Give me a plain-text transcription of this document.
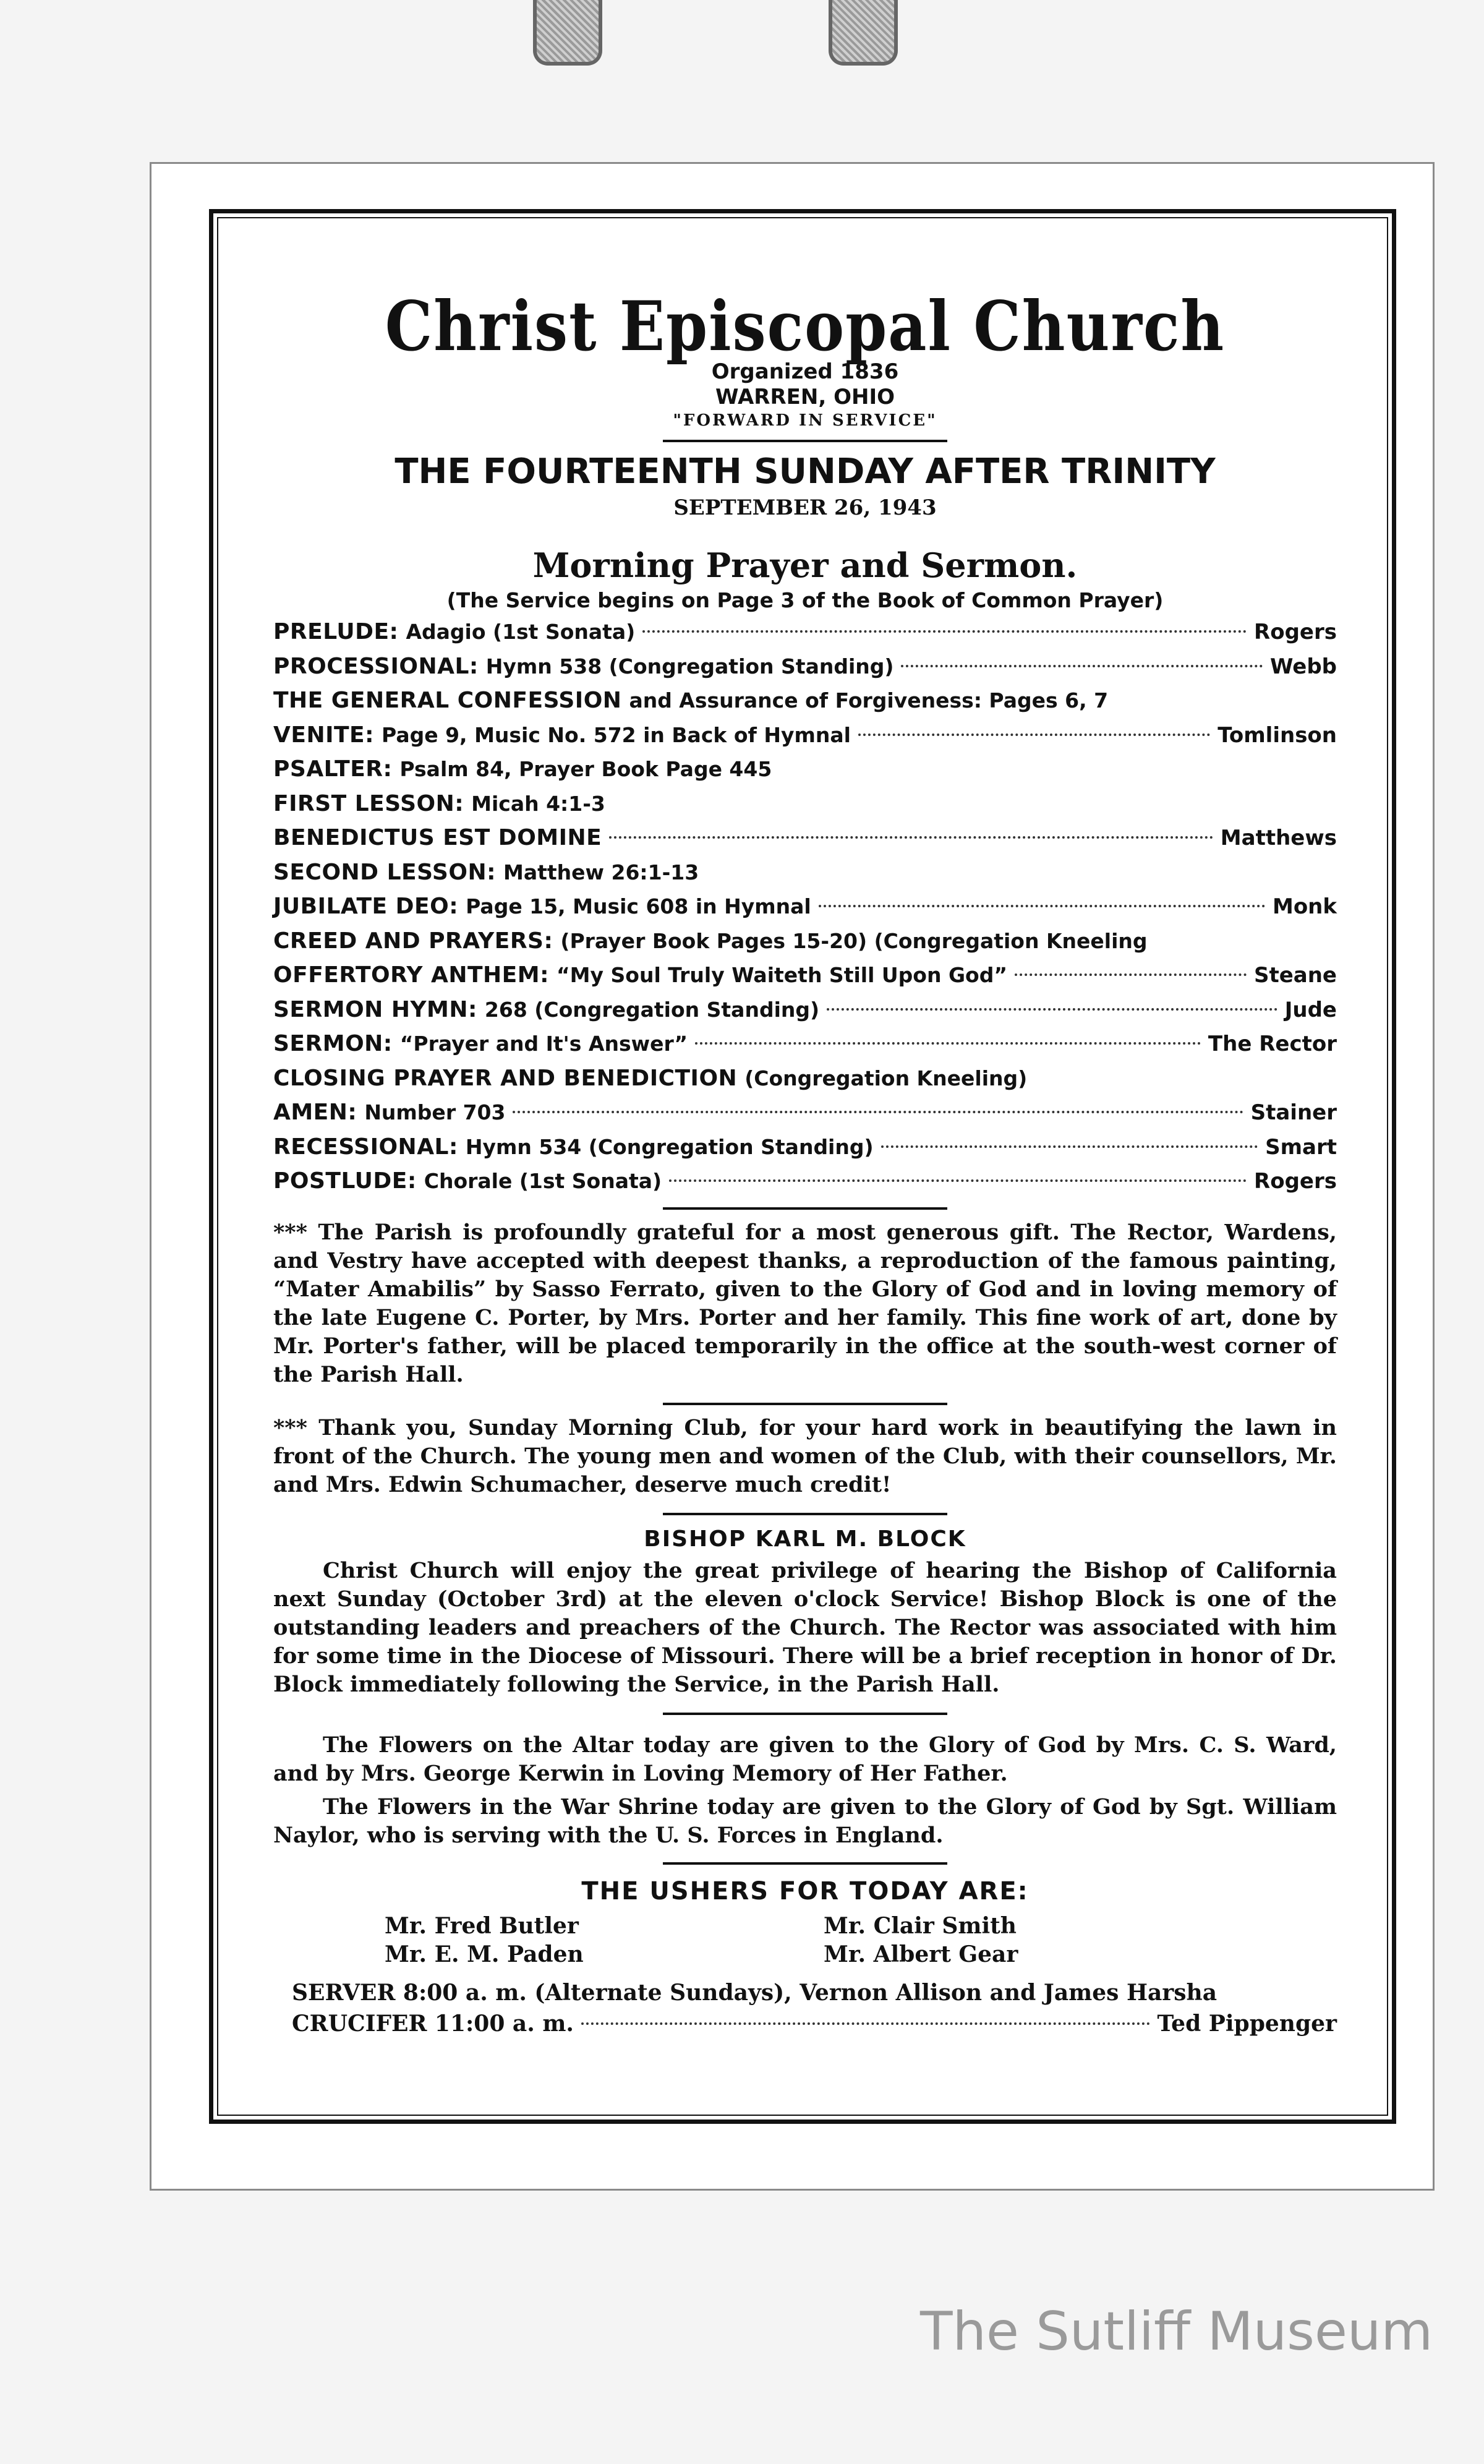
Christ Episcopal Church
Organized 1836
WARREN, OHIO
"FORWARD IN SERVICE"
THE FOURTEENTH SUNDAY AFTER TRINITY
SEPTEMBER 26, 1943
Morning Prayer and Sermon.
(The Service begins on Page 3 of the Book of Common Prayer)
PRELUDE: Adagio (1st Sonata)	Rogers
PROCESSIONAL: Hymn 538 (Congregation Standing)	Webb
THE GENERAL CONFESSION and Assurance of Forgiveness: Pages 6, 7
VENITE: Page 9, Music No. 572 in Back of Hymnal	Tomlinson
PSALTER: Psalm 84, Prayer Book Page 445
FIRST LESSON: Micah 4:1-3
BENEDICTUS EST DOMINE	Matthews
SECOND LESSON: Matthew 26:1-13
JUBILATE DEO: Page 15, Music 608 in Hymnal	Monk
CREED AND PRAYERS: (Prayer Book Pages 15-20) (Congregation Kneeling
OFFERTORY ANTHEM: “My Soul Truly Waiteth Still Upon God”	Steane
SERMON HYMN: 268 (Congregation Standing)	Jude
SERMON: “Prayer and It's Answer”	The Rector
CLOSING PRAYER AND BENEDICTION (Congregation Kneeling)
AMEN: Number 703	Stainer
RECESSIONAL: Hymn 534 (Congregation Standing)	Smart
POSTLUDE: Chorale (1st Sonata)	Rogers

*** The Parish is profoundly grateful for a most generous gift. The Rector, Wardens, and Vestry have accepted with deepest thanks, a reproduction of the famous painting, “Mater Amabilis” by Sasso Ferrato, given to the Glory of God and in loving memory of the late Eugene C. Porter, by Mrs. Porter and her family. This fine work of art, done by Mr. Porter's father, will be placed temporarily in the office at the south-west corner of the Parish Hall.

*** Thank you, Sunday Morning Club, for your hard work in beautifying the lawn in front of the Church. The young men and women of the Club, with their counsellors, Mr. and Mrs. Edwin Schumacher, deserve much credit!

BISHOP KARL M. BLOCK

Christ Church will enjoy the great privilege of hearing the Bishop of California next Sunday (October 3rd) at the eleven o'clock Service! Bishop Block is one of the outstanding leaders and preachers of the Church. The Rector was associated with him for some time in the Diocese of Missouri. There will be a brief reception in honor of Dr. Block immediately following the Service, in the Parish Hall.

The Flowers on the Altar today are given to the Glory of God by Mrs. C. S. Ward, and by Mrs. George Kerwin in Loving Memory of Her Father.

The Flowers in the War Shrine today are given to the Glory of God by Sgt. William Naylor, who is serving with the U. S. Forces in England.

THE USHERS FOR TODAY ARE:
Mr. Fred Butler	Mr. Clair Smith
Mr. E. M. Paden	Mr. Albert Gear
SERVER 8:00 a. m. (Alternate Sundays), Vernon Allison and James Harsha
CRUCIFER 11:00 a. m.	Ted Pippenger
The Sutliff Museum
